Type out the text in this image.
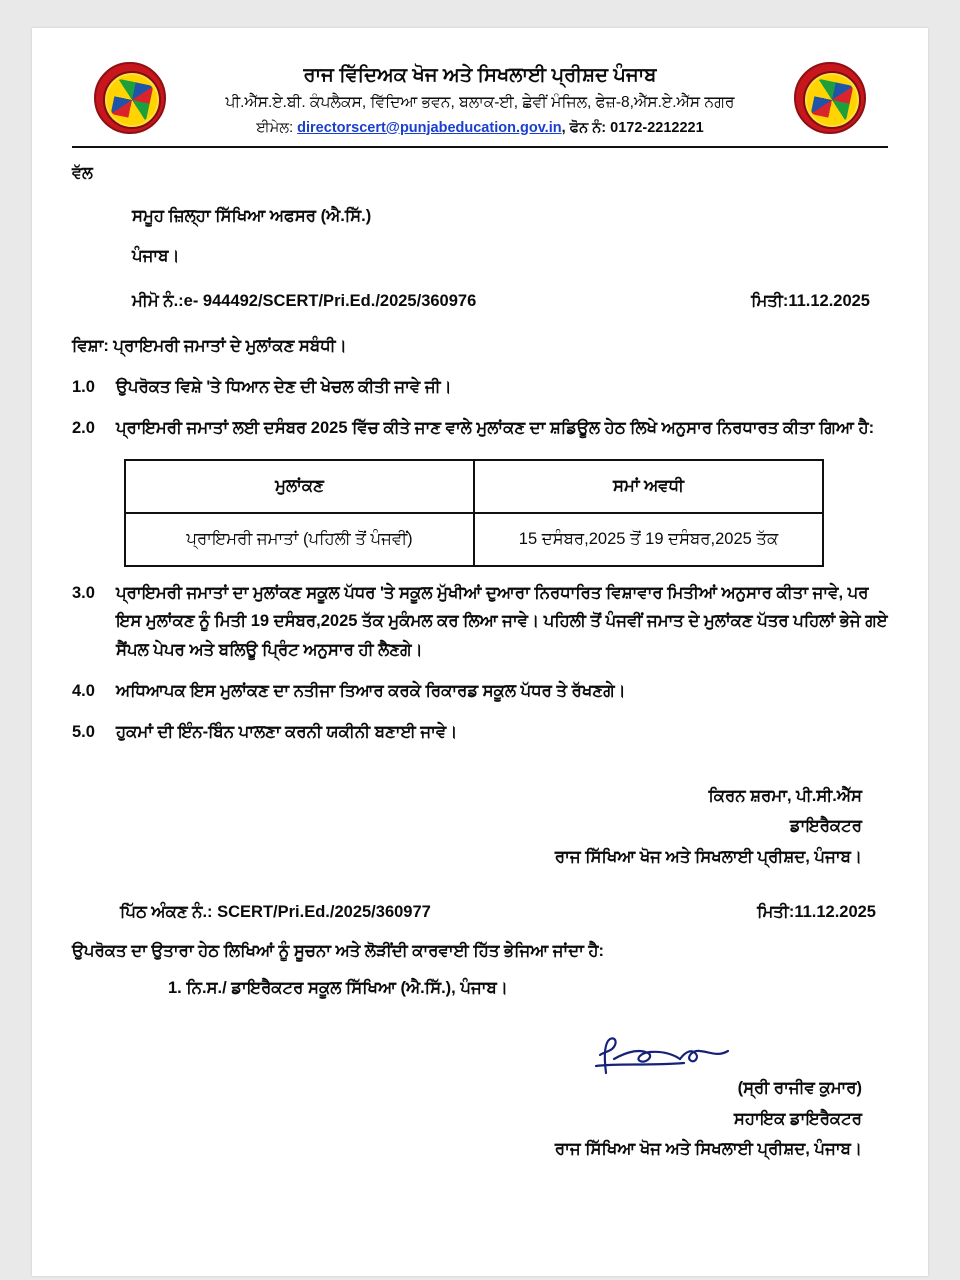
ਰਾਜ ਵਿੱਦਿਅਕ ਖੋਜ ਅਤੇ ਸਿਖਲਾਈ ਪ੍ਰੀਸ਼ਦ ਪੰਜਾਬ
ਪੀ.ਐੱਸ.ਏ.ਬੀ. ਕੰਪਲੈਕਸ, ਵਿੱਦਿਆ ਭਵਨ, ਬਲਾਕ-ਈ, ਛੇਵੀਂ ਮੰਜਿਲ, ਫੇਜ਼-8,ਐੱਸ.ਏ.ਐੱਸ ਨਗਰ
ਈਮੇਲ: directorscert@punjabeducation.gov.in, ਫੋਨ ਨੰ: 0172-2212221
ਵੱਲ
ਸਮੂਹ ਜ਼ਿਲ੍ਹਾ ਸਿੱਖਿਆ ਅਫਸਰ (ਐ.ਸਿੱ.)
ਪੰਜਾਬ।
ਮੀਮੋ ਨੰ.:e- 944492/SCERT/Pri.Ed./2025/360976	ਮਿਤੀ:11.12.2025
ਵਿਸ਼ਾ: ਪ੍ਰਾਇਮਰੀ ਜਮਾਤਾਂ ਦੇ ਮੁਲਾਂਕਣ ਸਬੰਧੀ।
1.0	ਉਪਰੋਕਤ ਵਿਸ਼ੇ 'ਤੇ ਧਿਆਨ ਦੇਣ ਦੀ ਖੇਚਲ ਕੀਤੀ ਜਾਵੇ ਜੀ।
2.0	ਪ੍ਰਾਇਮਰੀ ਜਮਾਤਾਂ ਲਈ ਦਸੰਬਰ 2025 ਵਿੱਚ ਕੀਤੇ ਜਾਣ ਵਾਲੇ ਮੁਲਾਂਕਣ ਦਾ ਸ਼ਡਿਊਲ ਹੇਠ ਲਿਖੇ ਅਨੁਸਾਰ ਨਿਰਧਾਰਤ ਕੀਤਾ ਗਿਆ ਹੈ:
ਮੁਲਾਂਕਣ	ਸਮਾਂ ਅਵਧੀ
ਪ੍ਰਾਇਮਰੀ ਜਮਾਤਾਂ (ਪਹਿਲੀ ਤੋਂ ਪੰਜਵੀਂ)	15 ਦਸੰਬਰ,2025 ਤੋਂ 19 ਦਸੰਬਰ,2025 ਤੱਕ
3.0	ਪ੍ਰਾਇਮਰੀ ਜਮਾਤਾਂ ਦਾ ਮੁਲਾਂਕਣ ਸਕੂਲ ਪੱਧਰ 'ਤੇ ਸਕੂਲ ਮੁੱਖੀਆਂ ਦੁਆਰਾ ਨਿਰਧਾਰਿਤ ਵਿਸ਼ਾਵਾਰ ਮਿਤੀਆਂ ਅਨੁਸਾਰ ਕੀਤਾ ਜਾਵੇ, ਪਰ ਇਸ ਮੁਲਾਂਕਣ ਨੂੰ ਮਿਤੀ 19 ਦਸੰਬਰ,2025 ਤੱਕ ਮੁਕੰਮਲ ਕਰ ਲਿਆ ਜਾਵੇ। ਪਹਿਲੀ ਤੋਂ ਪੰਜਵੀਂ ਜਮਾਤ ਦੇ ਮੁਲਾਂਕਣ ਪੱਤਰ ਪਹਿਲਾਂ ਭੇਜੇ ਗਏ ਸੈਂਪਲ ਪੇਪਰ ਅਤੇ ਬਲਿਊ ਪ੍ਰਿੰਟ ਅਨੁਸਾਰ ਹੀ ਲੈਣਗੇ।
4.0	ਅਧਿਆਪਕ ਇਸ ਮੁਲਾਂਕਣ ਦਾ ਨਤੀਜਾ ਤਿਆਰ ਕਰਕੇ ਰਿਕਾਰਡ ਸਕੂਲ ਪੱਧਰ ਤੇ ਰੱਖਣਗੇ।
5.0	ਹੁਕਮਾਂ ਦੀ ਇੰਨ-ਬਿੰਨ ਪਾਲਣਾ ਕਰਨੀ ਯਕੀਨੀ ਬਣਾਈ ਜਾਵੇ।
ਕਿਰਨ ਸ਼ਰਮਾ, ਪੀ.ਸੀ.ਐੱਸ
ਡਾਇਰੈਕਟਰ
ਰਾਜ ਸਿੱਖਿਆ ਖੋਜ ਅਤੇ ਸਿਖਲਾਈ ਪ੍ਰੀਸ਼ਦ, ਪੰਜਾਬ।
ਪਿੱਠ ਅੰਕਣ ਨੰ.: SCERT/Pri.Ed./2025/360977	ਮਿਤੀ:11.12.2025
ਉਪਰੋਕਤ ਦਾ ਉਤਾਰਾ ਹੇਠ ਲਿਖਿਆਂ ਨੂੰ ਸੂਚਨਾ ਅਤੇ ਲੋੜੀਂਦੀ ਕਾਰਵਾਈ ਹਿੱਤ ਭੇਜਿਆ ਜਾਂਦਾ ਹੈ:
1. ਨਿ.ਸ./ ਡਾਇਰੈਕਟਰ ਸਕੂਲ ਸਿੱਖਿਆ (ਐ.ਸਿੱ.), ਪੰਜਾਬ।
(ਸ੍ਰੀ ਰਾਜੀਵ ਕੁਮਾਰ)
ਸਹਾਇਕ ਡਾਇਰੈਕਟਰ
ਰਾਜ ਸਿੱਖਿਆ ਖੋਜ ਅਤੇ ਸਿਖਲਾਈ ਪ੍ਰੀਸ਼ਦ, ਪੰਜਾਬ।
